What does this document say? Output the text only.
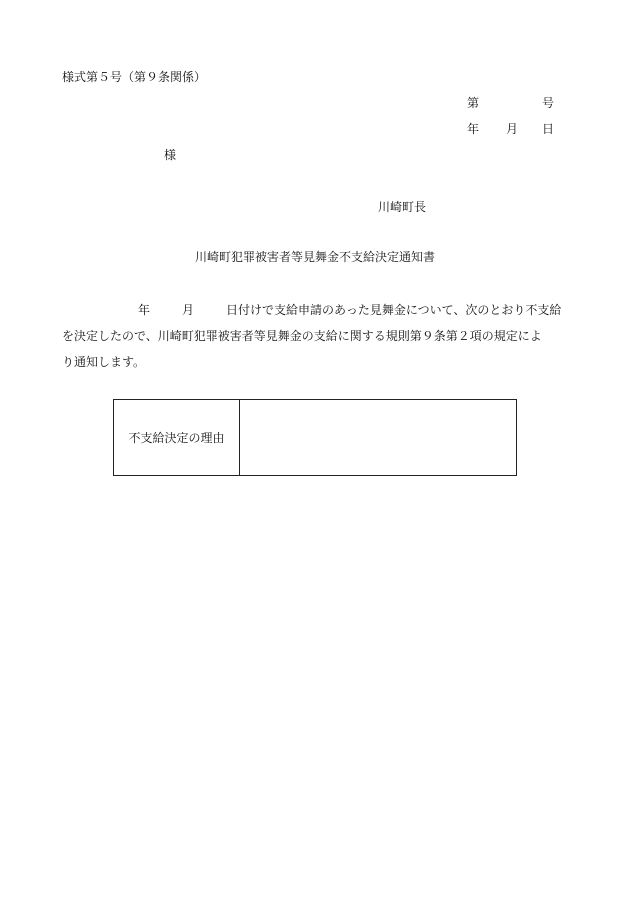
様式第５号（第９条関係）
第	号
年 月 日
様
川崎町長
川崎町犯罪被害者等見舞金不支給決定通知書
年	月	日付けで支給申請のあった見舞金について、次のとおり不支給
を決定したので、川崎町犯罪被害者等見舞金の支給に関する規則第９条第２項の規定によ
り通知します。
不支給決定の理由
